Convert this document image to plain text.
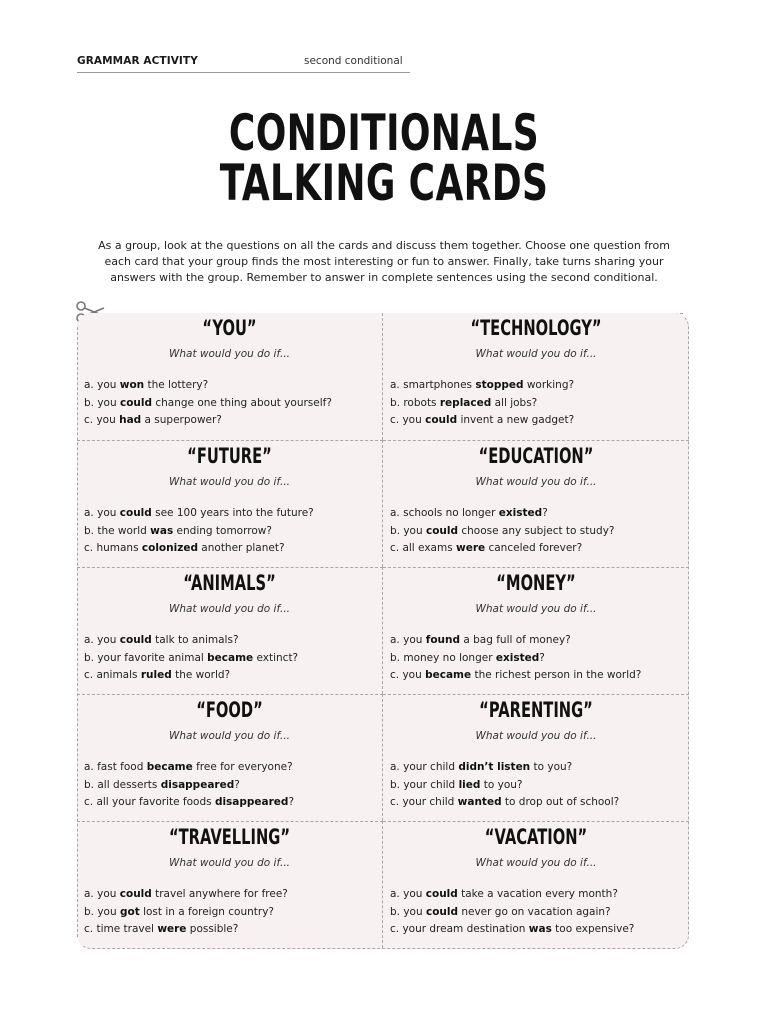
GRAMMAR ACTIVITY	second conditional
CONDITIONALS
TALKING CARDS
As a group, look at the questions on all the cards and discuss them together. Choose one question from each card that your group finds the most interesting or fun to answer. Finally, take turns sharing your answers with the group. Remember to answer in complete sentences using the second conditional.
“YOU”
What would you do if...
a. you won the lottery?
b. you could change one thing about yourself?
c. you had a superpower?
“TECHNOLOGY”
What would you do if...
a. smartphones stopped working?
b. robots replaced all jobs?
c. you could invent a new gadget?
“FUTURE”
What would you do if...
a. you could see 100 years into the future?
b. the world was ending tomorrow?
c. humans colonized another planet?
“EDUCATION”
What would you do if...
a. schools no longer existed?
b. you could choose any subject to study?
c. all exams were canceled forever?
“ANIMALS”
What would you do if...
a. you could talk to animals?
b. your favorite animal became extinct?
c. animals ruled the world?
“MONEY”
What would you do if...
a. you found a bag full of money?
b. money no longer existed?
c. you became the richest person in the world?
“FOOD”
What would you do if...
a. fast food became free for everyone?
b. all desserts disappeared?
c. all your favorite foods disappeared?
“PARENTING”
What would you do if...
a. your child didn’t listen to you?
b. your child lied to you?
c. your child wanted to drop out of school?
“TRAVELLING”
What would you do if...
a. you could travel anywhere for free?
b. you got lost in a foreign country?
c. time travel were possible?
“VACATION”
What would you do if...
a. you could take a vacation every month?
b. you could never go on vacation again?
c. your dream destination was too expensive?
